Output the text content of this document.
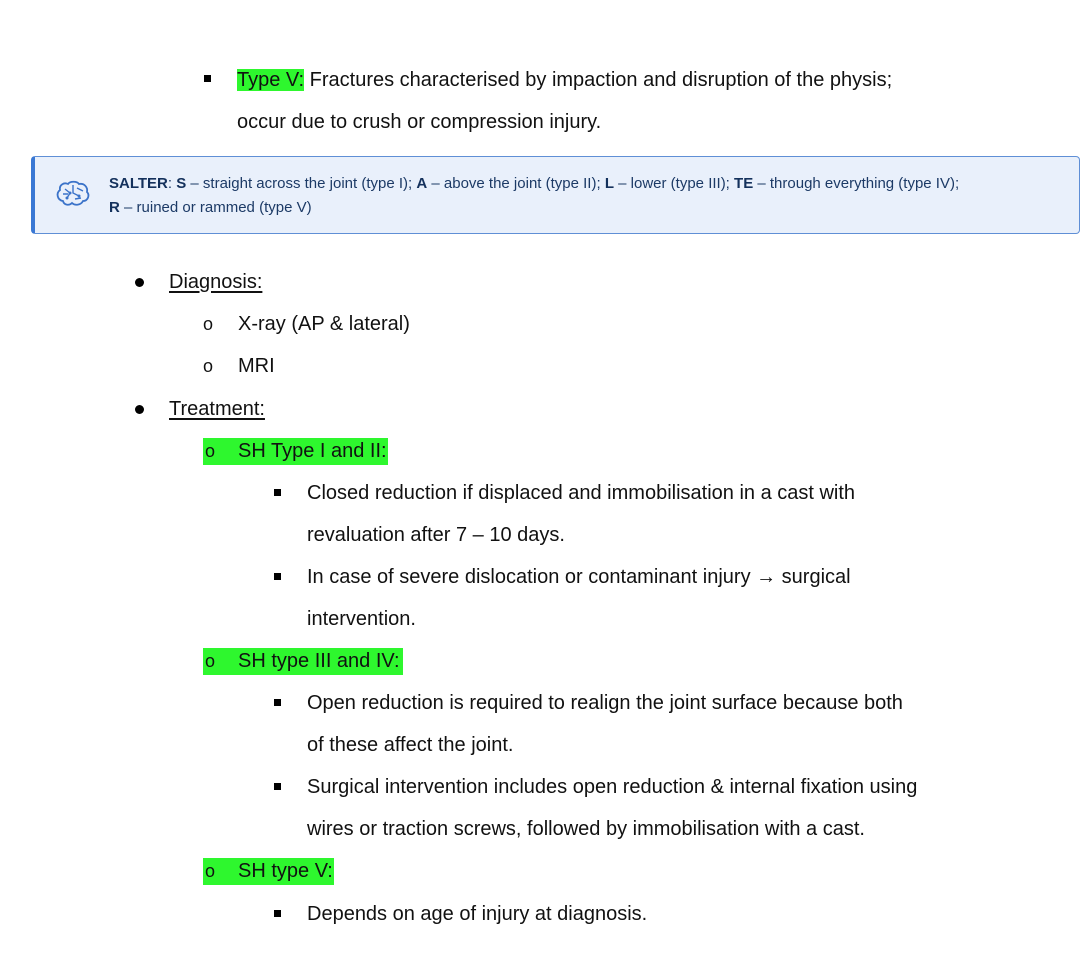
Type V: Fractures characterised by impaction and disruption of the physis;
occur due to crush or compression injury.
SALTER: S – straight across the joint (type I); A – above the joint (type II); L – lower (type III); TE – through everything (type IV);
R – ruined or rammed (type V)
Diagnosis:
o X-ray (AP & lateral)
o MRI
Treatment:
o SH Type I and II:
Closed reduction if displaced and immobilisation in a cast with
revaluation after 7 – 10 days.
In case of severe dislocation or contaminant injury → surgical
intervention.
o SH type III and IV:
Open reduction is required to realign the joint surface because both
of these affect the joint.
Surgical intervention includes open reduction & internal fixation using
wires or traction screws, followed by immobilisation with a cast.
o SH type V:
Depends on age of injury at diagnosis.
